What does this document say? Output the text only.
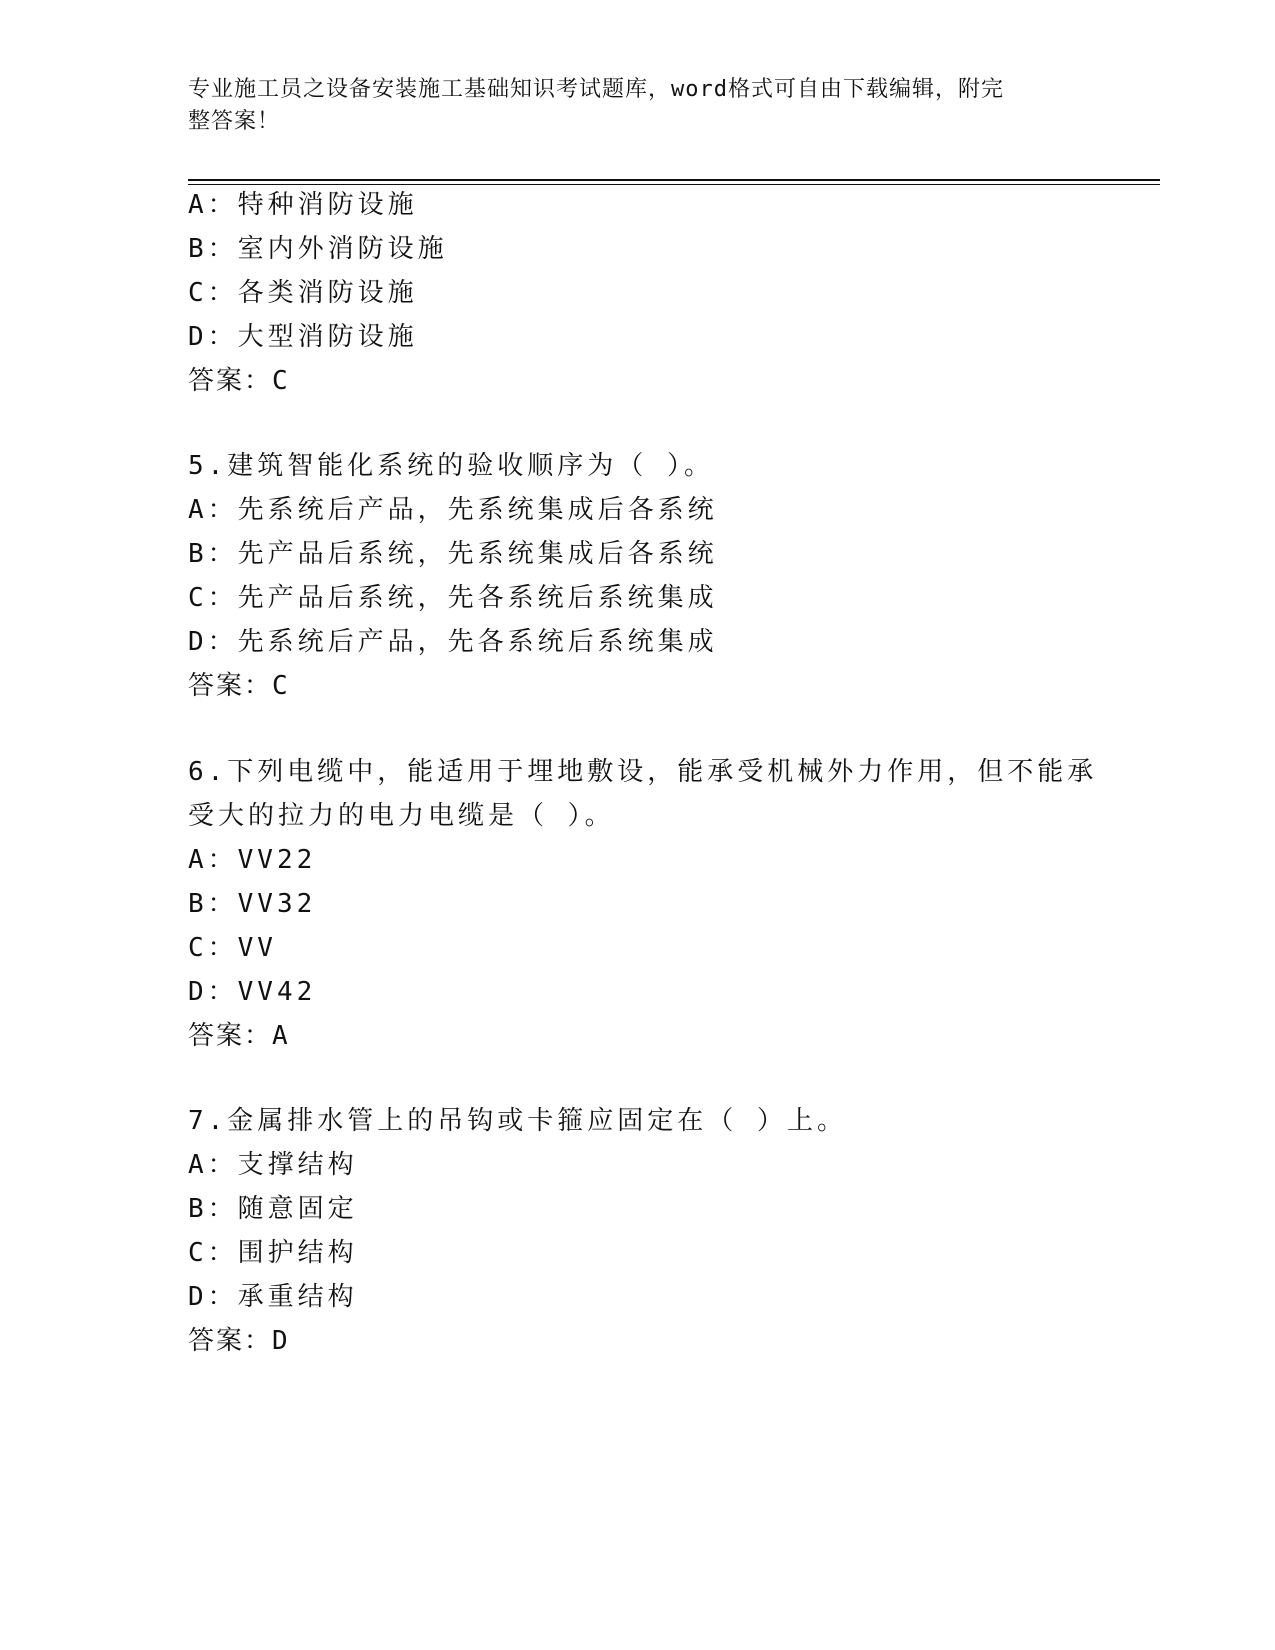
专业施工员之设备安装施工基础知识考试题库，word格式可自由下载编辑，附完
整答案！
A：特种消防设施
B：室内外消防设施
C：各类消防设施
D：大型消防设施
答案：C
5.建筑智能化系统的验收顺序为（ ）。
A：先系统后产品，先系统集成后各系统
B：先产品后系统，先系统集成后各系统
C：先产品后系统，先各系统后系统集成
D：先系统后产品，先各系统后系统集成
答案：C
6.下列电缆中，能适用于埋地敷设，能承受机械外力作用，但不能承
受大的拉力的电力电缆是（ ）。
A：VV22
B：VV32
C：VV
D：VV42
答案：A
7.金属排水管上的吊钩或卡箍应固定在（ ）上。
A：支撑结构
B：随意固定
C：围护结构
D：承重结构
答案：D
